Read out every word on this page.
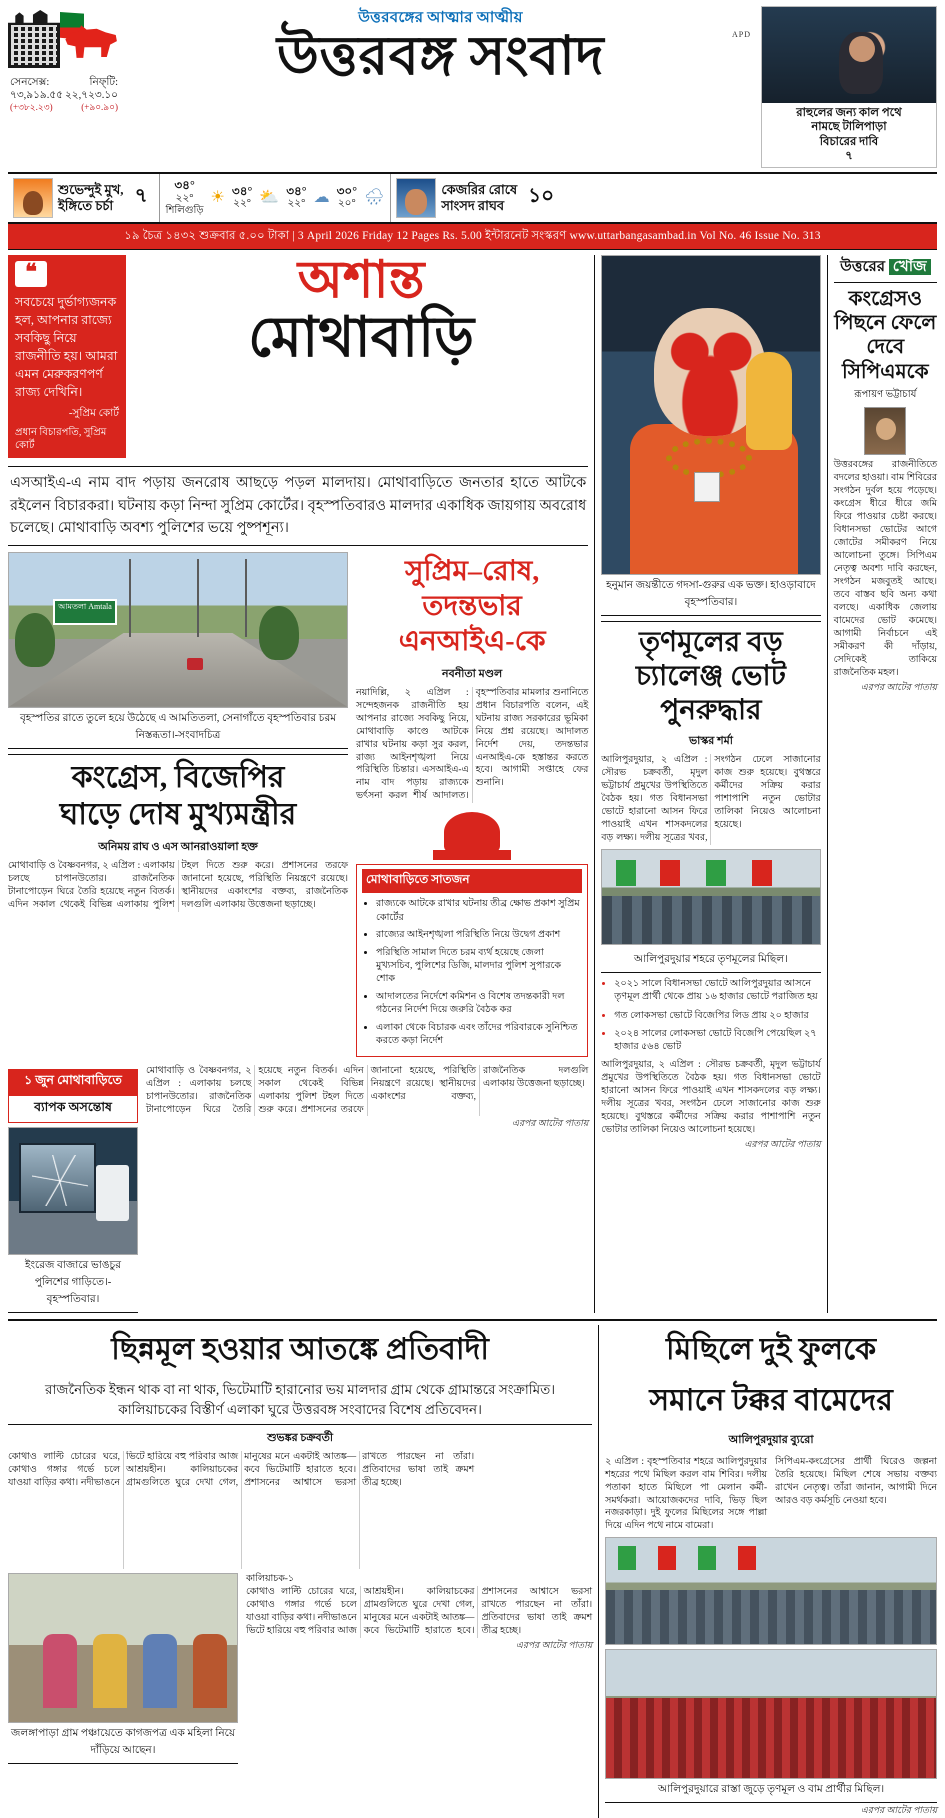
সেনসেক্স:	নিফ্‌টি:
৭৩,৯১৯.৫৫ ২২,৭২৩.১০
(+৩৮২.২৩)	(+৯০.৯০)
উত্তরবঙ্গের আত্মার আত্মীয়
উত্তরবঙ্গ সংবাদ	APD
রাহুলের জন্য কাল পথে
নামছে টালিপাড়া
বিচারের দাবি
৭
শুভেন্দুই মুখ,
ইঙ্গিতে চর্চা	৭
৩৪°
২২°
শিলিগুড়ি
☀ ৩৪°
২২° ⛅ ৩৪°
২২° ☁ ৩০°
২০° 🌧	কেজরির রোষে
সাংসদ রাঘব	১০
১৯ চৈত্র ১৪৩২ শুক্রবার ৫.০০ টাকা | 3 April 2026 Friday 12 Pages Rs. 5.00 ইন্টারনেট সংস্করণ www.uttarbangasambad.in Vol No. 46 Issue No. 313
❝
সবচেয়ে দুর্ভাগ্যজনক হল, আপনার রাজ্যে সবকিছু নিয়ে রাজনীতি হয়। আমরা এমন মেরুকরণপর্ণ রাজ্য দেখিনি।
-সুপ্রিম কোর্ট
প্রধান বিচারপতি, সুপ্রিম কোর্ট
অশান্ত
মোথাবাড়ি
এসআইএ-এ নাম বাদ পড়ায় জনরোষ আছড়ে পড়ল মালদায়। মোথাবাড়িতে জনতার হাতে আটকে রইলেন বিচারকরা। ঘটনায় কড়া নিন্দা সুপ্রিম কোর্টের। বৃহস্পতিবারও মালদার একাধিক জায়গায় অবরোধ চলেছে। মোথাবাড়ি অবশ্য পুলিশের ভয়ে পুষ্পশূন্য।
আমতলা Amtala
বৃহস্পতির রাতে তুলে হয়ে উঠেছে এ আমতিতলা, সেনাগাঁতে বৃহস্পতিবার চরম নিস্তব্ধতা।-সংবাদচিত্র
কংগ্রেস, বিজেপির
ঘাড়ে দোষ মুখ্যমন্ত্রীর
অনিময় রাঘ ও এস আনরাওয়ালা হক্ত
মোথাবাড়ি ও বৈষ্ণবনগর, ২ এপ্রিল : এলাকায় চলছে চাপানউতোর। রাজনৈতিক টানাপোড়েন ঘিরে তৈরি হয়েছে নতুন বিতর্ক। এদিন সকাল থেকেই বিভিন্ন এলাকায় পুলিশ টহল দিতে শুরু করে। প্রশাসনের তরফে জানানো হয়েছে, পরিস্থিতি নিয়ন্ত্রণে রয়েছে। স্থানীয়দের একাংশের বক্তব্য, রাজনৈতিক দলগুলি এলাকায় উত্তেজনা ছড়াচ্ছে।
সুপ্রিম–রোষ,
তদন্তভার
এনআইএ-কে
নবনীতা মণ্ডল
নয়াদিল্লি, ২ এপ্রিল : সন্দেহজনক রাজনীতি হয় আপনার রাজ্যে সবকিছু নিয়ে, মোথাবাড়ি কাণ্ডে আটকে রাখার ঘটনায় কড়া সুর করল, রাজ্য আইনশৃঙ্খলা নিয়ে পরিস্থিতি চিন্তার। এসআইএ-এ নাম বাদ পড়ায় রাজ্যকে ভর্ৎসনা করল শীর্ষ আদালত। বৃহস্পতিবার মামলার শুনানিতে প্রধান বিচারপতি বলেন, এই ঘটনায় রাজ্য সরকারের ভূমিকা নিয়ে প্রশ্ন রয়েছে। আদালত নির্দেশ দেয়, তদন্তভার এনআইএ-কে হস্তান্তর করতে হবে। আগামী সপ্তাহে ফের শুনানি।
মোথাবাড়িতে সাতজন
• রাজ্যকে আটকে রাখার ঘটনায় তীব্র ক্ষোভ প্রকাশ সুপ্রিম কোর্টের
• রাজ্যের আইনশৃঙ্খলা পরিস্থিতি নিয়ে উদ্বেগ প্রকাশ
• পরিস্থিতি সামাল দিতে চরম ব্যর্থ হয়েছে জেলা মুখ্যসচিব, পুলিশের ডিজি, মালদার পুলিশ সুপারকে শোক
• আদালতের নির্দেশে কমিশন ও বিশেষ তদন্তকারী দল গঠনের নির্দেশ দিয়ে জরুরি বৈঠক কর
• এলাকা থেকে বিচারক এবং তাঁদের পরিবারকে সুনিশ্চিত করতে কড়া নির্দেশ
১ জুন মোথাবাড়িতে
ব্যাপক অসন্তোষ
ইংরেজ বাজারে ভাঙচুর পুলিশের গাড়িতে।-বৃহস্পতিবার।
মোথাবাড়ি ও বৈষ্ণবনগর, ২ এপ্রিল : এলাকায় চলছে চাপানউতোর। রাজনৈতিক টানাপোড়েন ঘিরে তৈরি হয়েছে নতুন বিতর্ক। এদিন সকাল থেকেই বিভিন্ন এলাকায় পুলিশ টহল দিতে শুরু করে। প্রশাসনের তরফে জানানো হয়েছে, পরিস্থিতি নিয়ন্ত্রণে রয়েছে। স্থানীয়দের একাংশের বক্তব্য, রাজনৈতিক দলগুলি এলাকায় উত্তেজনা ছড়াচ্ছে।
এরপর আটের পাতায়
হনুমান জয়ন্তীতে গদসা-গুরুর এক ভক্ত। হাওড়াবাদে বৃহস্পতিবার।
তৃণমূলের বড় চ্যালেঞ্জ ভোট পুনরুদ্ধার
ভাস্কর শর্মা
আলিপুরদুয়ার, ২ এপ্রিল : সৌরভ চক্রবর্তী, মৃদুল ভট্টাচার্য প্রমুখের উপস্থিতিতে বৈঠক হয়। গত বিধানসভা ভোটে হারানো আসন ফিরে পাওয়াই এখন শাসকদলের বড় লক্ষ্য। দলীয় সূত্রের খবর, সংগঠন ঢেলে সাজানোর কাজ শুরু হয়েছে। বুথস্তরে কর্মীদের সক্রিয় করার পাশাপাশি নতুন ভোটার তালিকা নিয়েও আলোচনা হয়েছে।
আলিপুরদুয়ার শহরে তৃণমূলের মিছিল।
• ২০২১ সালে বিধানসভা ভোটে আলিপুরদুয়ার আসনে তৃণমূল প্রার্থী থেকে প্রায় ১৬ হাজার ভোটে পরাজিত হয়
• গত লোকসভা ভোটে বিজেপির লিড প্রায় ২০ হাজার
• ২০২৪ সালের লোকসভা ভোটে বিজেপি পেয়েছিল ২৭ হাজার ৫৬৪ ভোট
আলিপুরদুয়ার, ২ এপ্রিল : সৌরভ চক্রবর্তী, মৃদুল ভট্টাচার্য প্রমুখের উপস্থিতিতে বৈঠক হয়। গত বিধানসভা ভোটে হারানো আসন ফিরে পাওয়াই এখন শাসকদলের বড় লক্ষ্য। দলীয় সূত্রের খবর, সংগঠন ঢেলে সাজানোর কাজ শুরু হয়েছে। বুথস্তরে কর্মীদের সক্রিয় করার পাশাপাশি নতুন ভোটার তালিকা নিয়েও আলোচনা হয়েছে।
এরপর আটের পাতায়
উত্তরের খোঁজ
কংগ্রেসও পিছনে ফেলে দেবে সিপিএমকে
রূপায়ণ ভট্টাচার্য
উত্তরবঙ্গের রাজনীতিতে বদলের হাওয়া। বাম শিবিরের সংগঠন দুর্বল হয়ে পড়েছে। কংগ্রেস ধীরে ধীরে জমি ফিরে পাওয়ার চেষ্টা করছে। বিধানসভা ভোটের আগে জোটের সমীকরণ নিয়ে আলোচনা তুঙ্গে। সিপিএম নেতৃত্ব অবশ্য দাবি করছেন, সংগঠন মজবুতই আছে। তবে বাস্তব ছবি অন্য কথা বলছে। একাধিক জেলায় বামেদের ভোট কমেছে। আগামী নির্বাচনে এই সমীকরণ কী দাঁড়ায়, সেদিকেই তাকিয়ে রাজনৈতিক মহল।
এরপর আটের পাতায়
ছিন্নমূল হওয়ার আতঙ্কে প্রতিবাদী
রাজনৈতিক ইন্ধন থাক বা না থাক, ভিটেমাটি হারানোর ভয় মালদার গ্রাম থেকে গ্রামান্তরে সংক্রামিত।
কালিয়াচকের বিস্তীর্ণ এলাকা ঘুরে উত্তরবঙ্গ সংবাদের বিশেষ প্রতিবেদন।
শুভঙ্কর চক্রবর্তী
কোথাও লাল্টি চোরের ঘরে, কোথাও গঙ্গার গর্ভে চলে যাওয়া বাড়ির কথা। নদীভাঙনে ভিটে হারিয়ে বহু পরিবার আজ আশ্রয়হীন। কালিয়াচকের গ্রামগুলিতে ঘুরে দেখা গেল, মানুষের মনে একটাই আতঙ্ক— কবে ভিটেমাটি হারাতে হবে। প্রশাসনের আশ্বাসে ভরসা রাখতে পারছেন না তাঁরা। প্রতিবাদের ভাষা তাই ক্রমশ তীব্র হচ্ছে।
জলঙ্গাপাড়া গ্রাম পঞ্চায়েতে কাগজপত্র এক মহিলা নিয়ে দাঁড়িয়ে আছেন।
কালিয়াচক-১
কোথাও লাল্টি চোরের ঘরে, কোথাও গঙ্গার গর্ভে চলে যাওয়া বাড়ির কথা। নদীভাঙনে ভিটে হারিয়ে বহু পরিবার আজ আশ্রয়হীন। কালিয়াচকের গ্রামগুলিতে ঘুরে দেখা গেল, মানুষের মনে একটাই আতঙ্ক— কবে ভিটেমাটি হারাতে হবে। প্রশাসনের আশ্বাসে ভরসা রাখতে পারছেন না তাঁরা। প্রতিবাদের ভাষা তাই ক্রমশ তীব্র হচ্ছে।
এরপর আটের পাতায়
মিছিলে দুই ফুলকে
সমানে টক্কর বামেদের
আলিপুরদুয়ার ব্যুরো
২ এপ্রিল : বৃহস্পতিবার শহরে আলিপুরদুয়ার শহরের পথে মিছিল করল বাম শিবির। দলীয় পতাকা হাতে মিছিলে পা মেলান কর্মী-সমর্থকরা। আয়োজকদের দাবি, ভিড় ছিল নজরকাড়া। দুই ফুলের মিছিলের সঙ্গে পাল্লা দিয়ে এদিন পথে নামে বামেরা।
সিপিএম-কংগ্রেসের প্রার্থী ঘিরেও জল্পনা তৈরি হয়েছে। মিছিল শেষে সভায় বক্তব্য রাখেন নেতৃত্ব। তাঁরা জানান, আগামী দিনে আরও বড় কর্মসূচি নেওয়া হবে।
আলিপুরদুয়ারে রাস্তা জুড়ে তৃণমূল ও বাম প্রার্থীর মিছিল।
এরপর আটের পাতায়
